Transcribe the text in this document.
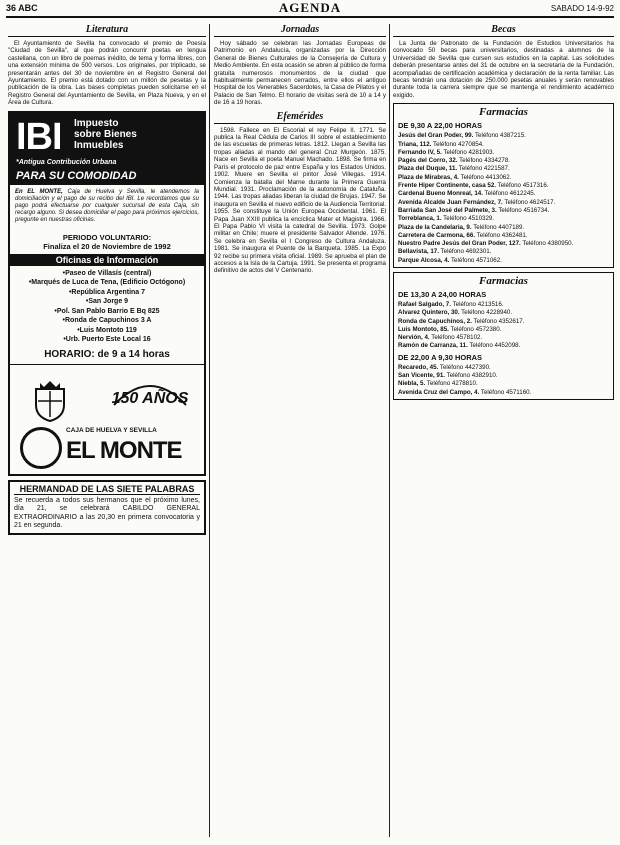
36 ABC	AGENDA	SABADO 14-9-92
Literatura
El Ayuntamiento de Sevilla ha convocado el premio de Poesía "Ciudad de Sevilla", al que podrán concurrir poetas en lengua castellana, con un libro de poemas inédito, de tema y forma libres, con una extensión mínima de 500 versos. Los originales, por triplicado, se presentarán antes del 30 de noviembre en el Registro General del Ayuntamiento. El premio está dotado con un millón de pesetas y la publicación de la obra. Las bases completas pueden solicitarse en el Registro General del Ayuntamiento de Sevilla, en Plaza Nueva, y en el Área de Cultura.
IBI Impuesto
sobre Bienes
Inmuebles
*Antigua Contribución Urbana
PARA SU COMODIDAD
En EL MONTE, Caja de Huelva y Sevilla, le atendemos la domiciliación y el pago de su recibo del IBI. Le recordamos que su pago podrá efectuarse por cualquier sucursal de esta Caja, sin recargo alguno. Si desea domiciliar el pago para próximos ejercicios, pregunte en nuestras oficinas.
PERIODO VOLUNTARIO:
Finaliza el 20 de Noviembre de 1992
Oficinas de Información
•Paseo de Villasís (central)
•Marqués de Luca de Tena, (Edificio Octógono)
•República Argentina 7
•San Jorge 9
•Pol. San Pablo Barrio E Bq 825
•Ronda de Capuchinos 3 A
•Luis Montoto 119
•Urb. Puerto Este Local 16
HORARIO: de 9 a 14 horas
150 AÑOS
CAJA DE HUELVA Y SEVILLA
EL MONTE
HERMANDAD DE LAS SIETE PALABRAS
Se recuerda a todos sus hermanos que el próximo lunes, día 21, se celebrará CABILDO GENERAL EXTRAORDINARIO a las 20,30 en primera convocatoria y 21 en segunda.
Jornadas
Hoy sábado se celebran las Jornadas Europeas de Patrimonio en Andalucía, organizadas por la Dirección General de Bienes Culturales de la Consejería de Cultura y Medio Ambiente. En esta ocasión se abren al público de forma gratuita numerosos monumentos de la ciudad que habitualmente permanecen cerrados, entre ellos el antiguo Hospital de los Venerables Sacerdotes, la Casa de Pilatos y el Palacio de San Telmo. El horario de visitas será de 10 a 14 y de 16 a 19 horas.
Efemérides
1598. Fallece en El Escorial el rey Felipe II. 1771. Se publica la Real Cédula de Carlos III sobre el establecimiento de las escuelas de primeras letras. 1812. Llegan a Sevilla las tropas aliadas al mando del general Cruz Murgeón. 1875. Nace en Sevilla el poeta Manuel Machado. 1898. Se firma en París el protocolo de paz entre España y los Estados Unidos. 1902. Muere en Sevilla el pintor José Villegas. 1914. Comienza la batalla del Marne durante la Primera Guerra Mundial. 1931. Proclamación de la autonomía de Cataluña. 1944. Las tropas aliadas liberan la ciudad de Brujas. 1947. Se inaugura en Sevilla el nuevo edificio de la Audiencia Territorial. 1955. Se constituye la Unión Europea Occidental. 1961. El Papa Juan XXIII publica la encíclica Mater et Magistra. 1966. El Papa Pablo VI visita la catedral de Sevilla. 1973. Golpe militar en Chile; muere el presidente Salvador Allende. 1976. Se celebra en Sevilla el I Congreso de Cultura Andaluza. 1981. Se inaugura el Puente de la Barqueta. 1985. La Expo 92 recibe su primera visita oficial. 1989. Se aprueba el plan de accesos a la Isla de la Cartuja. 1991. Se presenta el programa definitivo de actos del V Centenario.
Becas
La Junta de Patronato de la Fundación de Estudios Universitarios ha convocado 50 becas para universitarios, destinadas a alumnos de la Universidad de Sevilla que cursen sus estudios en la capital. Las solicitudes deberán presentarse antes del 31 de octubre en la secretaría de la Fundación, acompañadas de certificación académica y declaración de la renta familiar. Las becas tendrán una dotación de 250.000 pesetas anuales y serán renovables durante toda la carrera siempre que se mantenga el rendimiento académico exigido.
Farmacias
DE 9,30 A 22,00 HORAS
Jesús del Gran Poder, 99. Teléfono 4387215.
Triana, 112. Teléfono 4270854.
Fernando IV, 5. Teléfono 4281903.
Pagés del Corro, 32. Teléfono 4334278.
Plaza del Duque, 11. Teléfono 4221587.
Plaza de Mirabras, 4. Teléfono 4413062.
Frente Hiper Continente, casa 52. Teléfono 4517316.
Cardenal Bueno Monreal, 14. Teléfono 4612245.
Avenida Alcalde Juan Fernández, 7. Teléfono 4624517.
Barriada San José del Palmete, 3. Teléfono 4516734.
Torreblanca, 1. Teléfono 4510329.
Plaza de la Candelaria, 9. Teléfono 4407189.
Carretera de Carmona, 66. Teléfono 4362481.
Nuestro Padre Jesús del Gran Poder, 127. Teléfono 4380950.
Bellavista, 17. Teléfono 4692301.
Parque Alcosa, 4. Teléfono 4571062.
Farmacias
DE 13,30 A 24,00 HORAS
Rafael Salgado, 7. Teléfono 4213516.
Alvarez Quintero, 30. Teléfono 4228940.
Ronda de Capuchinos, 2. Teléfono 4352617.
Luis Montoto, 85. Teléfono 4572380.
Nervión, 4. Teléfono 4578102.
Ramón de Carranza, 11. Teléfono 4452098.
DE 22,00 A 9,30 HORAS
Recaredo, 45. Teléfono 4427390.
San Vicente, 91. Teléfono 4382910.
Niebla, 5. Teléfono 4278810.
Avenida Cruz del Campo, 4. Teléfono 4571160.
